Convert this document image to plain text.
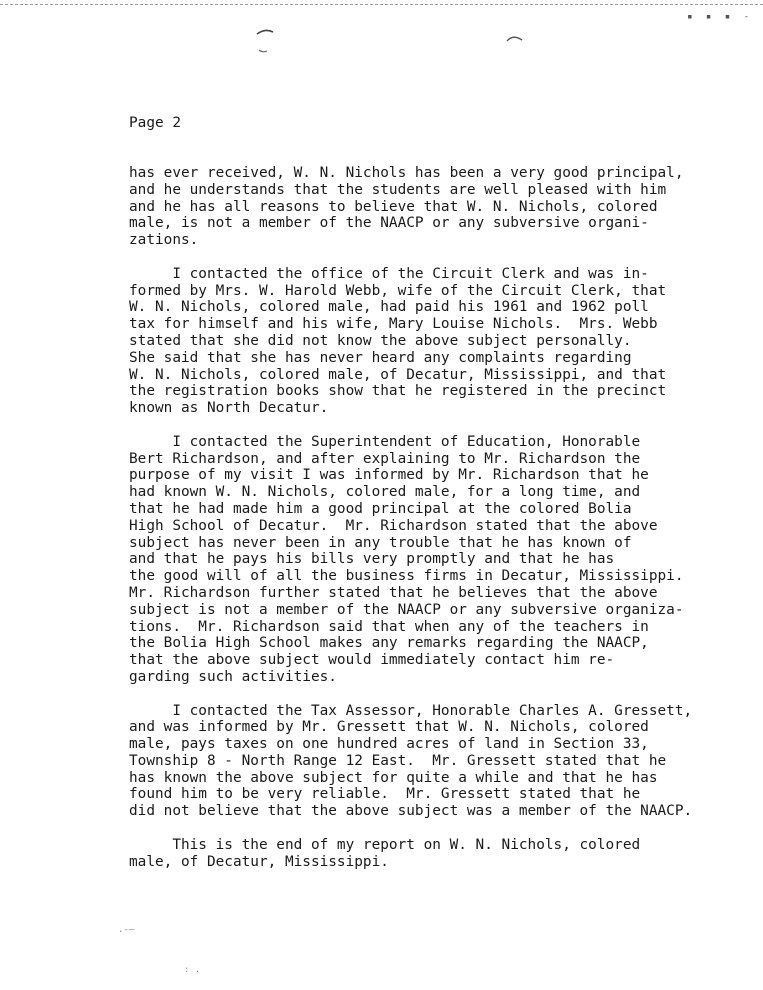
▪ ▪ ▪ -
Page 2
has ever received, W. N. Nichols has been a very good principal,
and he understands that the students are well pleased with him
and he has all reasons to believe that W. N. Nichols, colored
male, is not a member of the NAACP or any subversive organi-
zations.
I contacted the office of the Circuit Clerk and was in-
formed by Mrs. W. Harold Webb, wife of the Circuit Clerk, that
W. N. Nichols, colored male, had paid his 1961 and 1962 poll
tax for himself and his wife, Mary Louise Nichols.  Mrs. Webb
stated that she did not know the above subject personally.
She said that she has never heard any complaints regarding
W. N. Nichols, colored male, of Decatur, Mississippi, and that
the registration books show that he registered in the precinct
known as North Decatur.
I contacted the Superintendent of Education, Honorable
Bert Richardson, and after explaining to Mr. Richardson the
purpose of my visit I was informed by Mr. Richardson that he
had known W. N. Nichols, colored male, for a long time, and
that he had made him a good principal at the colored Bolia
High School of Decatur.  Mr. Richardson stated that the above
subject has never been in any trouble that he has known of
and that he pays his bills very promptly and that he has
the good will of all the business firms in Decatur, Mississippi.
Mr. Richardson further stated that he believes that the above
subject is not a member of the NAACP or any subversive organiza-
tions.  Mr. Richardson said that when any of the teachers in
the Bolia High School makes any remarks regarding the NAACP,
that the above subject would immediately contact him re-
garding such activities.
I contacted the Tax Assessor, Honorable Charles A. Gressett,
and was informed by Mr. Gressett that W. N. Nichols, colored
male, pays taxes on one hundred acres of land in Section 33,
Township 8 - North Range 12 East.  Mr. Gressett stated that he
has known the above subject for quite a while and that he has
found him to be very reliable.  Mr. Gressett stated that he
did not believe that the above subject was a member of the NAACP.
This is the end of my report on W. N. Nichols, colored
male, of Decatur, Mississippi.
.-—
: .
